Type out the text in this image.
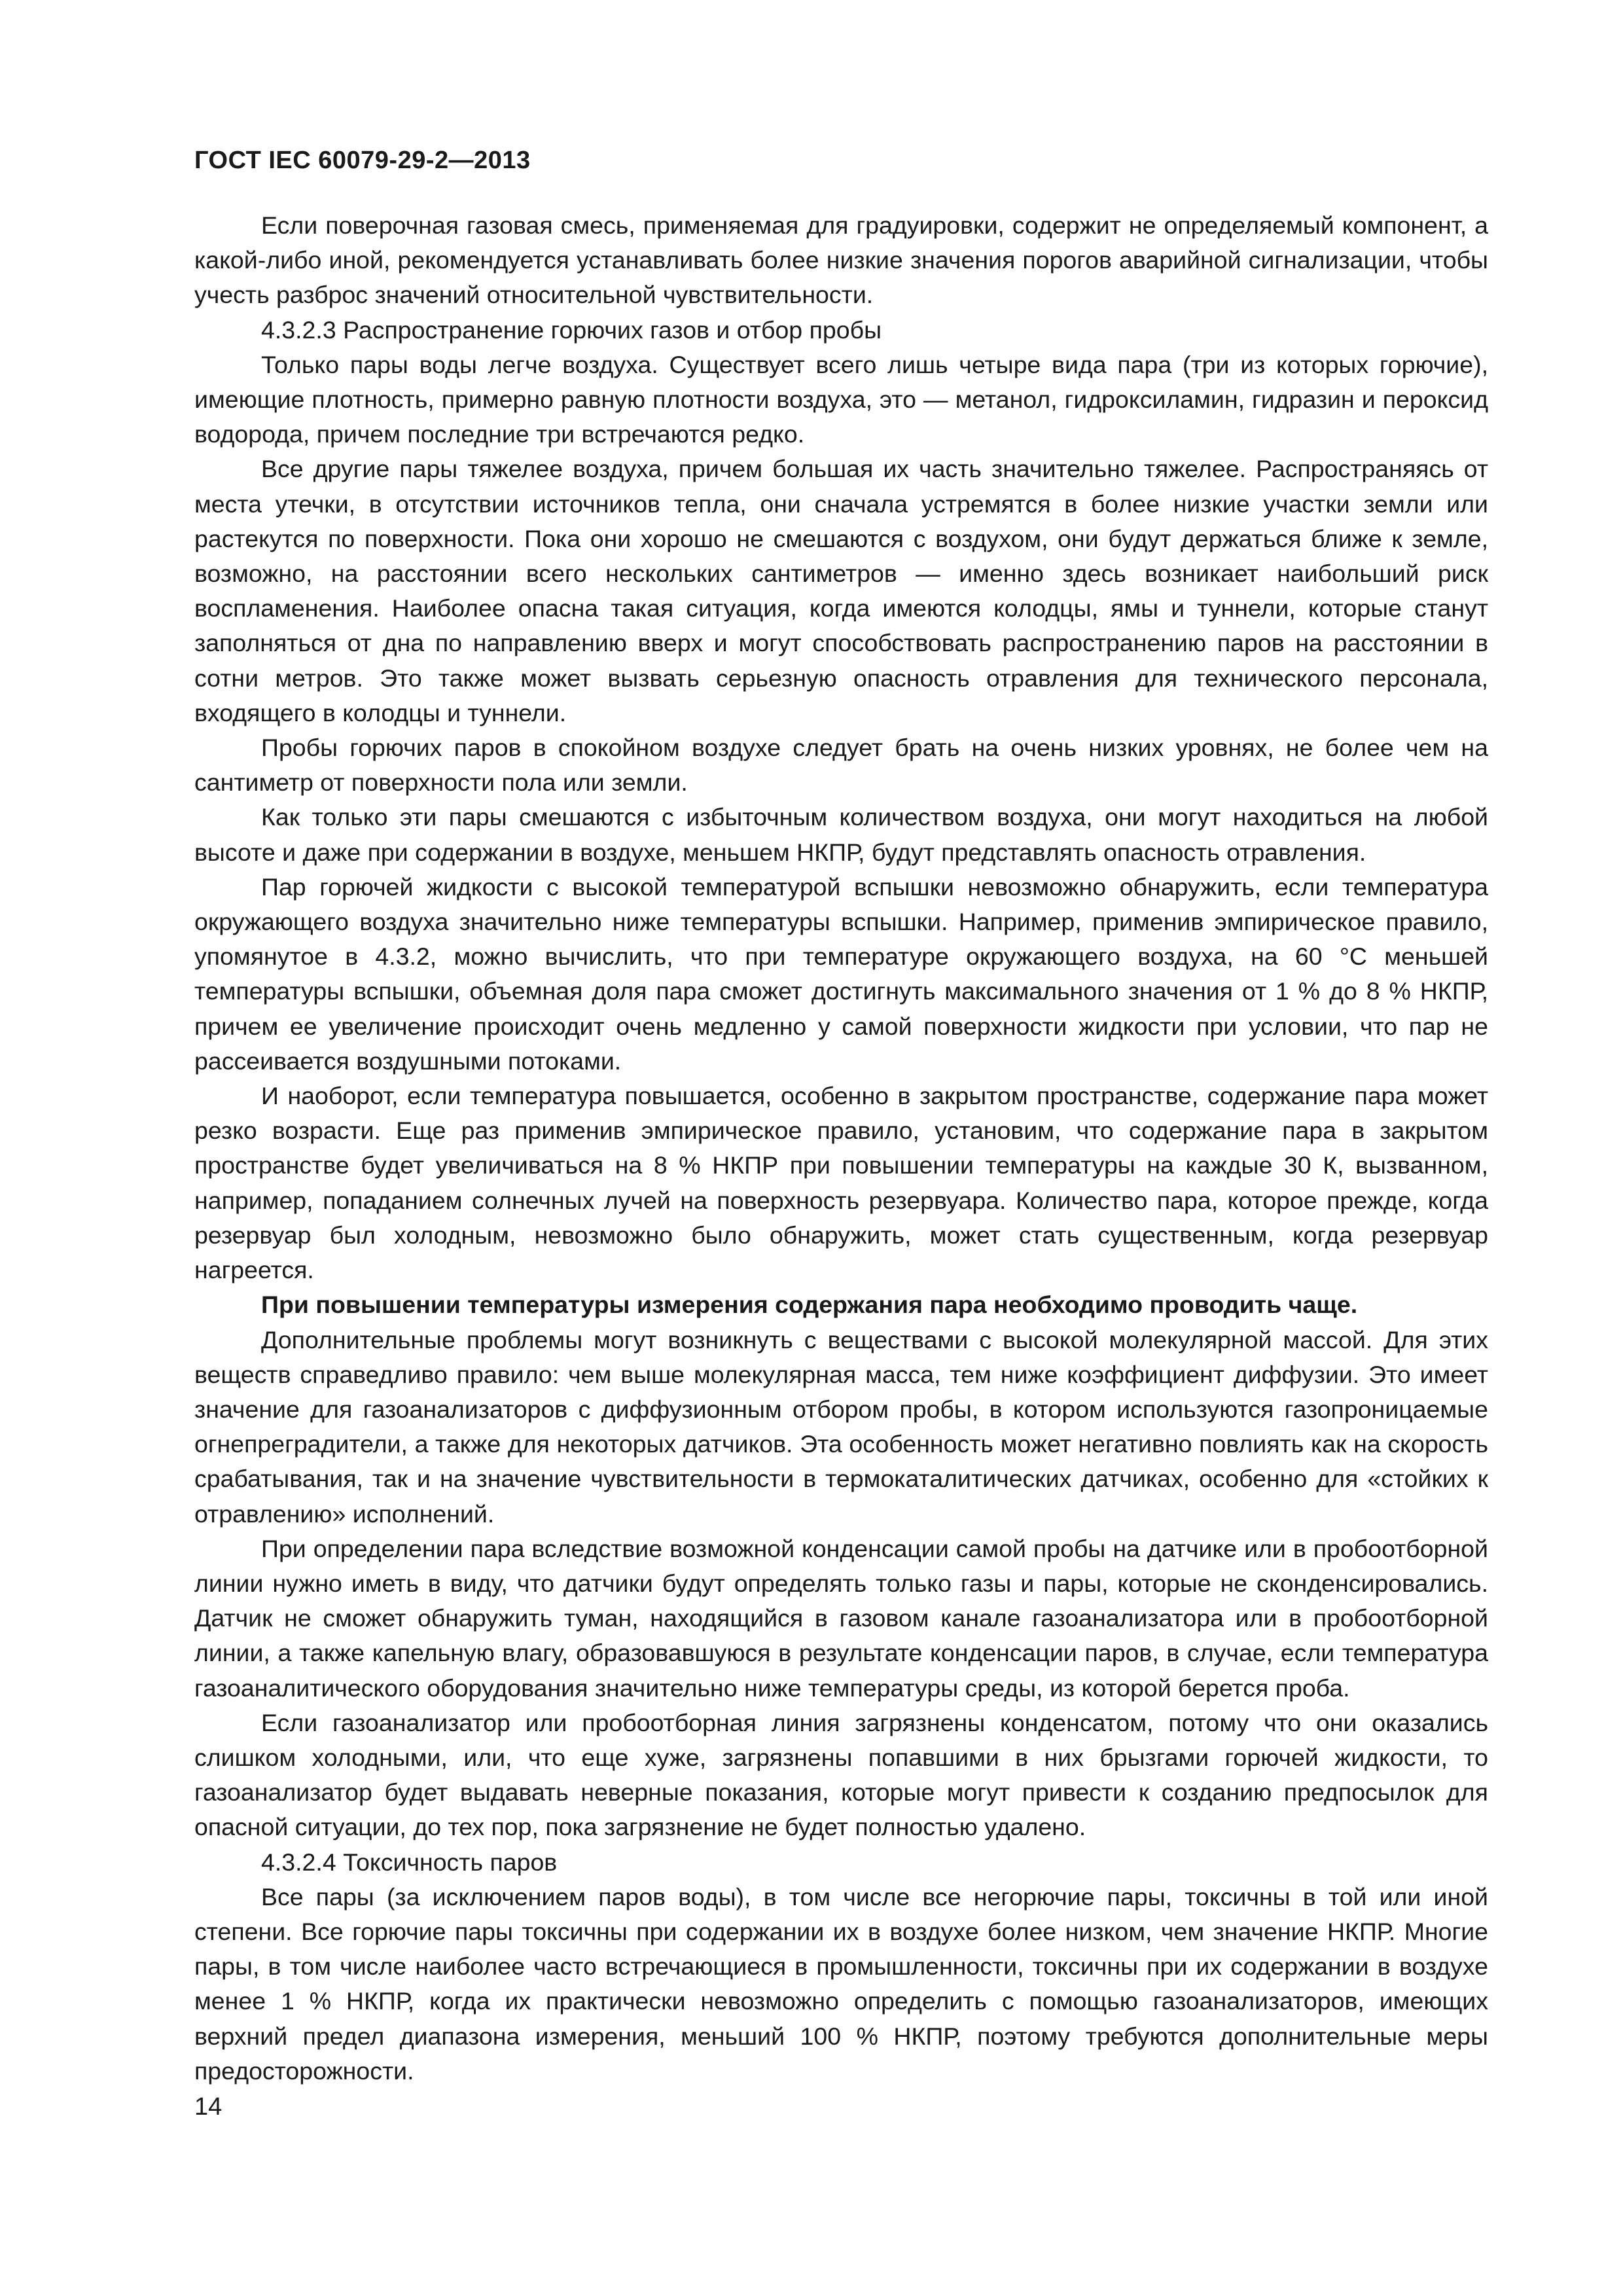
ГОСТ IEC 60079-29-2—2013

Если поверочная газовая смесь, применяемая для градуировки, содержит не определяемый компонент, а какой-либо иной, рекомендуется устанавливать более низкие значения порогов аварийной сигнализации, чтобы учесть разброс значений относительной чувствительности.

4.3.2.3 Распространение горючих газов и отбор пробы

Только пары воды легче воздуха. Существует всего лишь четыре вида пара (три из которых горючие), имеющие плотность, примерно равную плотности воздуха, это — метанол, гидроксиламин, гидразин и пероксид водорода, причем последние три встречаются редко.

Все другие пары тяжелее воздуха, причем большая их часть значительно тяжелее. Распространяясь от места утечки, в отсутствии источников тепла, они сначала устремятся в более низкие участки земли или растекутся по поверхности. Пока они хорошо не смешаются с воздухом, они будут держаться ближе к земле, возможно, на расстоянии всего нескольких сантиметров — именно здесь возникает наибольший риск воспламенения. Наиболее опасна такая ситуация, когда имеются колодцы, ямы и туннели, которые станут заполняться от дна по направлению вверх и могут способствовать распространению паров на расстоянии в сотни метров. Это также может вызвать серьезную опасность отравления для технического персонала, входящего в колодцы и туннели.

Пробы горючих паров в спокойном воздухе следует брать на очень низких уровнях, не более чем на сантиметр от поверхности пола или земли.

Как только эти пары смешаются с избыточным количеством воздуха, они могут находиться на любой высоте и даже при содержании в воздухе, меньшем НКПР, будут представлять опасность отравления.

Пар горючей жидкости с высокой температурой вспышки невозможно обнаружить, если температура окружающего воздуха значительно ниже температуры вспышки. Например, применив эмпирическое правило, упомянутое в 4.3.2, можно вычислить, что при температуре окружающего воздуха, на 60 °C меньшей температуры вспышки, объемная доля пара сможет достигнуть максимального значения от 1 % до 8 % НКПР, причем ее увеличение происходит очень медленно у самой поверхности жидкости при условии, что пар не рассеивается воздушными потоками.

И наоборот, если температура повышается, особенно в закрытом пространстве, содержание пара может резко возрасти. Еще раз применив эмпирическое правило, установим, что содержание пара в закрытом пространстве будет увеличиваться на 8 % НКПР при повышении температуры на каждые 30 К, вызванном, например, попаданием солнечных лучей на поверхность резервуара. Количество пара, которое прежде, когда резервуар был холодным, невозможно было обнаружить, может стать существенным, когда резервуар нагреется.

При повышении температуры измерения содержания пара необходимо проводить чаще.

Дополнительные проблемы могут возникнуть с веществами с высокой молекулярной массой. Для этих веществ справедливо правило: чем выше молекулярная масса, тем ниже коэффициент диффузии. Это имеет значение для газоанализаторов с диффузионным отбором пробы, в котором используются газопроницаемые огнепреградители, а также для некоторых датчиков. Эта особенность может негативно повлиять как на скорость срабатывания, так и на значение чувствительности в термокаталитических датчиках, особенно для «стойких к отравлению» исполнений.

При определении пара вследствие возможной конденсации самой пробы на датчике или в пробоотборной линии нужно иметь в виду, что датчики будут определять только газы и пары, которые не сконденсировались. Датчик не сможет обнаружить туман, находящийся в газовом канале газоанализатора или в пробоотборной линии, а также капельную влагу, образовавшуюся в результате конденсации паров, в случае, если температура газоаналитического оборудования значительно ниже температуры среды, из которой берется проба.

Если газоанализатор или пробоотборная линия загрязнены конденсатом, потому что они оказались слишком холодными, или, что еще хуже, загрязнены попавшими в них брызгами горючей жидкости, то газоанализатор будет выдавать неверные показания, которые могут привести к созданию предпосылок для опасной ситуации, до тех пор, пока загрязнение не будет полностью удалено.

4.3.2.4 Токсичность паров

Все пары (за исключением паров воды), в том числе все негорючие пары, токсичны в той или иной степени. Все горючие пары токсичны при содержании их в воздухе более низком, чем значение НКПР. Многие пары, в том числе наиболее часто встречающиеся в промышленности, токсичны при их содержании в воздухе менее 1 % НКПР, когда их практически невозможно определить с помощью газоанализаторов, имеющих верхний предел диапазона измерения, меньший 100 % НКПР, поэтому требуются дополнительные меры предосторожности.

14
